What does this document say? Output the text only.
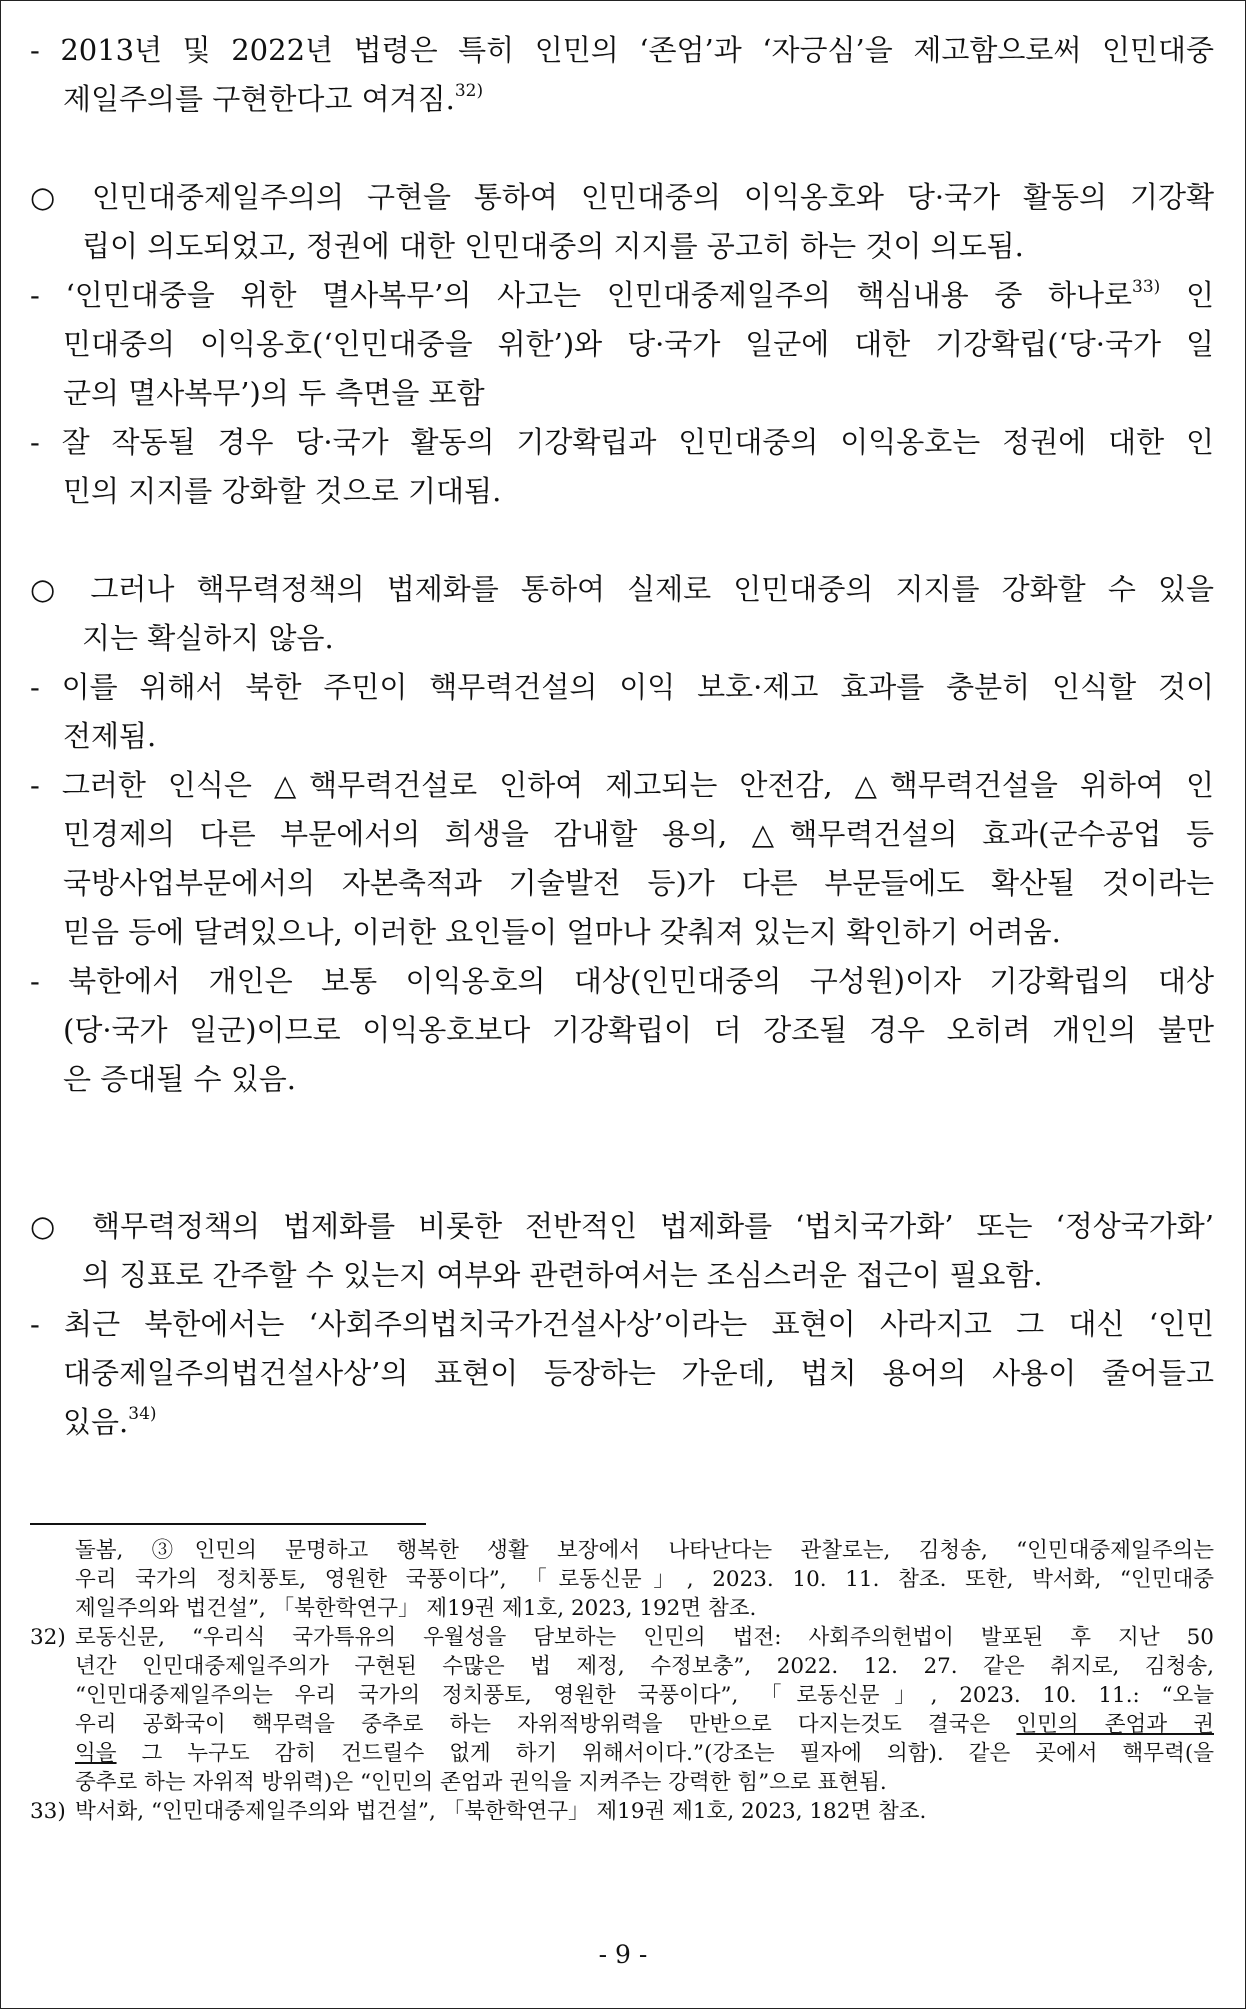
- 2013년 및 2022년 법령은 특히 인민의 ‘존엄’과 ‘자긍심’을 제고함으로써 인민대중
제일주의를 구현한다고 여겨짐.$^{32)}$
○ 인민대중제일주의의 구현을 통하여 인민대중의 이익옹호와 당·국가 활동의 기강확
립이 의도되었고, 정권에 대한 인민대중의 지지를 공고히 하는 것이 의도됨.
- ‘인민대중을 위한 멸사복무’의 사고는 인민대중제일주의 핵심내용 중 하나로$^{33)}$ 인
민대중의 이익옹호(‘인민대중을 위한’)와 당·국가 일군에 대한 기강확립(‘당·국가 일
군의 멸사복무’)의 두 측면을 포함
- 잘 작동될 경우 당·국가 활동의 기강확립과 인민대중의 이익옹호는 정권에 대한 인
민의 지지를 강화할 것으로 기대됨.
○ 그러나 핵무력정책의 법제화를 통하여 실제로 인민대중의 지지를 강화할 수 있을
지는 확실하지 않음.
- 이를 위해서 북한 주민이 핵무력건설의 이익 보호·제고 효과를 충분히 인식할 것이
전제됨.
- 그러한 인식은 △핵무력건설로 인하여 제고되는 안전감, △핵무력건설을 위하여 인
민경제의 다른 부문에서의 희생을 감내할 용의, △핵무력건설의 효과(군수공업 등
국방사업부문에서의 자본축적과 기술발전 등)가 다른 부문들에도 확산될 것이라는
믿음 등에 달려있으나, 이러한 요인들이 얼마나 갖춰져 있는지 확인하기 어려움.
- 북한에서 개인은 보통 이익옹호의 대상(인민대중의 구성원)이자 기강확립의 대상
(당·국가 일군)이므로 이익옹호보다 기강확립이 더 강조될 경우 오히려 개인의 불만
은 증대될 수 있음.
○ 핵무력정책의 법제화를 비롯한 전반적인 법제화를 ‘법치국가화’ 또는 ‘정상국가화’
의 징표로 간주할 수 있는지 여부와 관련하여서는 조심스러운 접근이 필요함.
- 최근 북한에서는 ‘사회주의법치국가건설사상’이라는 표현이 사라지고 그 대신 ‘인민
대중제일주의법건설사상’의 표현이 등장하는 가운데, 법치 용어의 사용이 줄어들고
있음.$^{34)}$
돌봄, ③인민의 문명하고 행복한 생활 보장에서 나타난다는 관찰로는, 김청송, “인민대중제일주의는
우리 국가의 정치풍토, 영원한 국풍이다”, 「로동신문」, 2023. 10. 11. 참조. 또한, 박서화, “인민대중
제일주의와 법건설”, 「북한학연구」 제19권 제1호, 2023, 192면 참조.
32) 로동신문, “우리식 국가특유의 우월성을 담보하는 인민의 법전: 사회주의헌법이 발포된 후 지난 50
년간 인민대중제일주의가 구현된 수많은 법 제정, 수정보충”, 2022. 12. 27. 같은 취지로, 김청송,
“인민대중제일주의는 우리 국가의 정치풍토, 영원한 국풍이다”, 「로동신문」, 2023. 10. 11.: “오늘
우리 공화국이 핵무력을 중추로 하는 자위적방위력을 만반으로 다지는것도 결국은 인민의 존엄과 권
익을 그 누구도 감히 건드릴수 없게 하기 위해서이다.”(강조는 필자에 의함). 같은 곳에서 핵무력(을
중추로 하는 자위적 방위력)은 “인민의 존엄과 권익을 지켜주는 강력한 힘”으로 표현됨.
33) 박서화, “인민대중제일주의와 법건설”, 「북한학연구」 제19권 제1호, 2023, 182면 참조.
- 9 -
